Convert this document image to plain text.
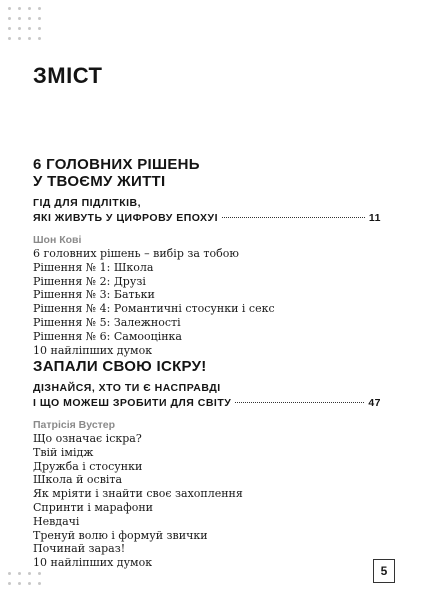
ЗМІСТ
6 ГОЛОВНИХ РІШЕНЬ
У ТВОЄМУ ЖИТТІ
ГІД ДЛЯ ПІДЛІТКІВ,
ЯКІ ЖИВУТЬ У ЦИФРОВУ ЕПОХУІ	11
Шон Кові
6 головних рішень – вибір за тобою
Рішення № 1: Школа
Рішення № 2: Друзі
Рішення № 3: Батьки
Рішення № 4: Романтичні стосунки і секс
Рішення № 5: Залежності
Рішення № 6: Самооцінка
10 найліпших думок
ЗАПАЛИ СВОЮ ІСКРУ!
ДІЗНАЙСЯ, ХТО ТИ Є НАСПРАВДІ
І ЩО МОЖЕШ ЗРОБИТИ ДЛЯ СВІТУ	47
Патрісія Вустер
Що означає іскра?
Твій імідж
Дружба і стосунки
Школа й освіта
Як мріяти і знайти своє захоплення
Спринти і марафони
Невдачі
Тренуй волю і формуй звички
Починай зараз!
10 найліпших думок
5
